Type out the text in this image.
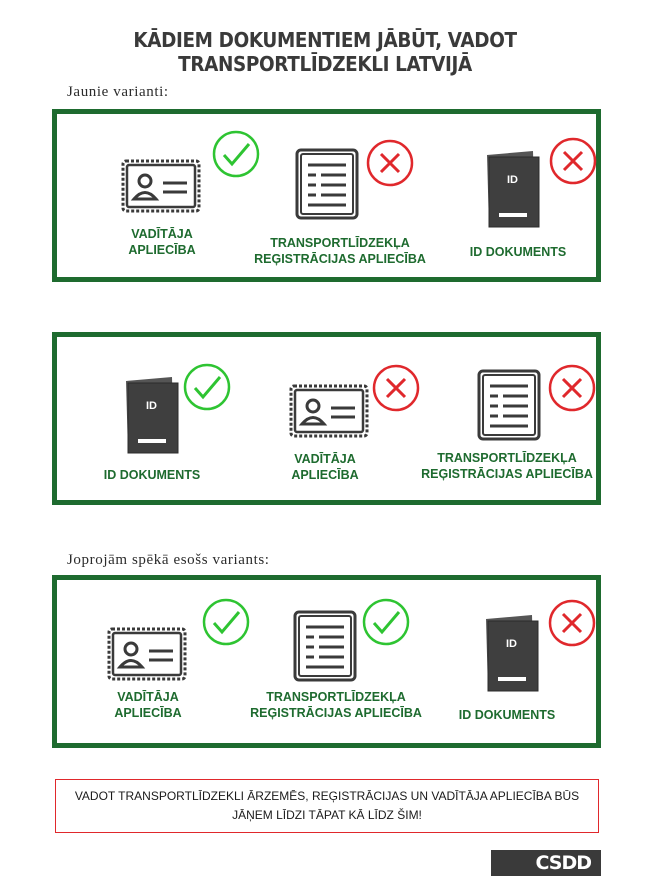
KĀDIEM DOKUMENTIEM JĀBŪT, VADOT TRANSPORTLĪDZEKLI LATVIJĀ
Jaunie varianti:
VADĪTĀJA
APLIECĪBA	TRANSPORTLĪDZEKĻA
REĢISTRĀCIJAS APLIECĪBA
ID
ID DOKUMENTS
ID
ID DOKUMENTS
VADĪTĀJA
APLIECĪBA
TRANSPORTLĪDZEKĻA
REĢISTRĀCIJAS APLIECĪBA
Joprojām spēkā esošs variants:
VADĪTĀJA
APLIECĪBA
TRANSPORTLĪDZEKĻA
REĢISTRĀCIJAS APLIECĪBA
ID
ID DOKUMENTS
VADOT TRANSPORTLĪDZEKLI ĀRZEMĒS, REĢISTRĀCIJAS UN VADĪTĀJA APLIECĪBA BŪS JĀŅEM LĪDZI TĀPAT KĀ LĪDZ ŠIM!
CSDD
